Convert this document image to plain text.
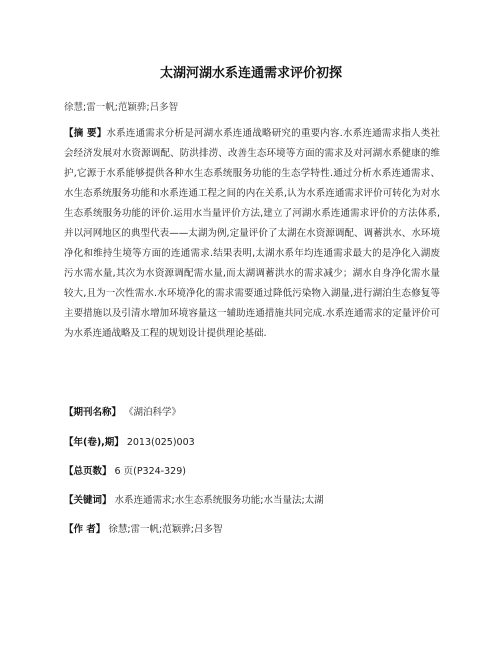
太湖河湖水系连通需求评价初探
徐慧;雷一帆;范颖骅;吕多智
【摘 要】水系连通需求分析是河湖水系连通战略研究的重要内容.水系连通需求指人类社会经济发展对水资源调配、防洪排涝、改善生态环境等方面的需求及对河湖水系健康的维护,它源于水系能够提供各种水生态系统服务功能的生态学特性.通过分析水系连通需求、水生态系统服务功能和水系连通工程之间的内在关系,认为水系连通需求评价可转化为对水生态系统服务功能的评价.运用水当量评价方法,建立了河湖水系连通需求评价的方法体系,并以河网地区的典型代表——太湖为例,定量评价了太湖在水资源调配、调蓄洪水、水环境净化和维持生境等方面的连通需求.结果表明,太湖水系年均连通需求最大的是净化入湖废污水需水量,其次为水资源调配需水量,而太湖调蓄洪水的需求减少；湖水自身净化需水量较大,且为一次性需水.水环境净化的需求需要通过降低污染物入湖量,进行湖泊生态修复等主要措施以及引清水增加环境容量这一辅助连通措施共同完成.水系连通需求的定量评价可为水系连通战略及工程的规划设计提供理论基础.
【期刊名称】 《湖泊科学》
【年(卷),期】 2013(025)003
【总页数】 6 页(P324-329)
【关键词】 水系连通需求;水生态系统服务功能;水当量法;太湖
【作 者】 徐慧;雷一帆;范颖骅;吕多智
